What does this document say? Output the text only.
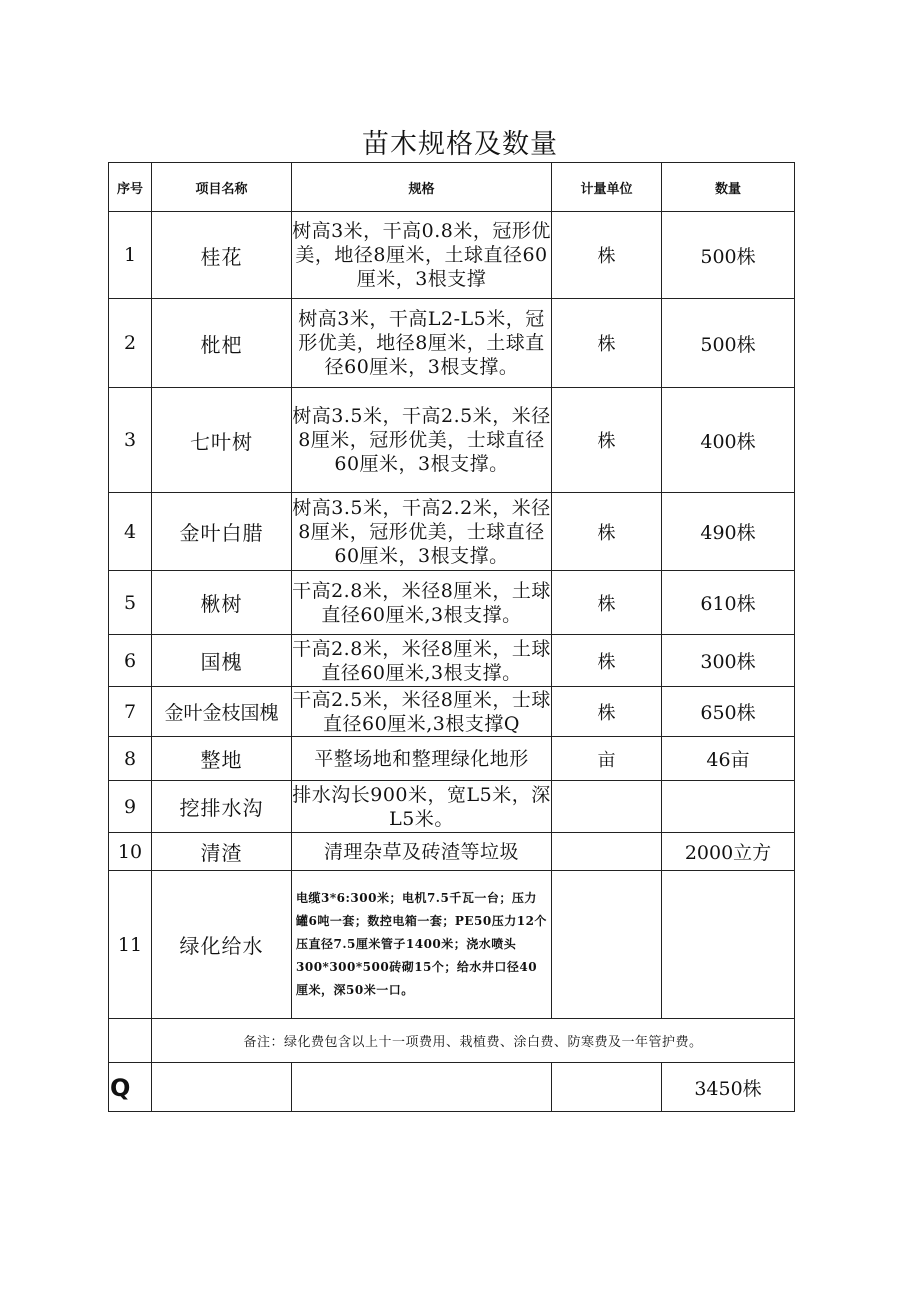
苗木规格及数量
序号	项目名称	规格	计量单位	数量
1	桂花	树高3米，干高0.8米，冠形优美，地径8厘米，土球直径60厘米，3根支撑	株	500株
2	枇杷	树高3米，干高L2-L5米，冠形优美，地径8厘米，土球直径60厘米，3根支撑。	株	500株
3	七叶树	树高3.5米，干高2.5米，米径8厘米，冠形优美，士球直径60厘米，3根支撑。	株	400株
4	金叶白腊	树高3.5米，干高2.2米，米径8厘米，冠形优美，士球直径60厘米，3根支撑。	株	490株
5	楸树	干高2.8米，米径8厘米，土球直径60厘米,3根支撑。	株	610株
6	国槐	干高2.8米，米径8厘米，土球直径60厘米,3根支撑。	株	300株
7	金叶金枝国槐	干高2.5米，米径8厘米，士球直径60厘米,3根支撑Q	株	650株
8	整地	平整场地和整理绿化地形	亩	46亩
9	挖排水沟	排水沟长900米，宽L5米，深L5米。		
10	清渣	清理杂草及砖渣等垃圾		2000立方
11	绿化给水	电缆3*6:300米；电机7.5千瓦一台；压力罐6吨一套；数控电箱一套；PE50压力12个压直径7.5厘米管子1400米；浇水喷头300*300*500砖砌15个；给水井口径40厘米，深50米一口。		
	备注：绿化费包含以上十一项费用、栽植费、涂白费、防寒费及一年管护费。			
				3450株
Q
